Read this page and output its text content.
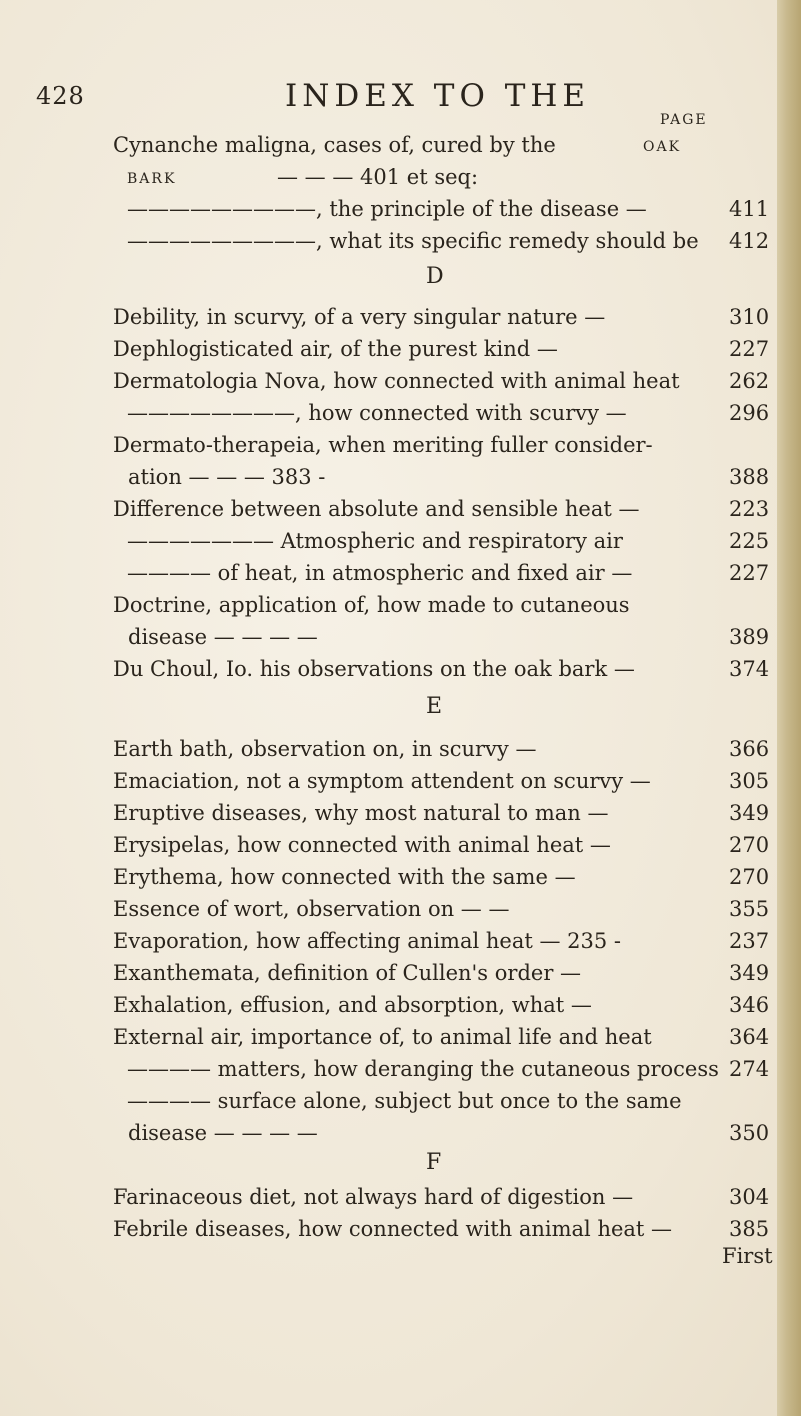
428	INDEX TO THE
PAGE
Cynanche maligna, cases of, cured by the	OAK
BARK	— — — 401 et seq:
—————————, the principle of the disease —	411
—————————, what its specific remedy should be 412
D
Debility, in scurvy, of a very singular nature —	310
Dephlogisticated air, of the purest kind —	227
Dermatologia Nova, how connected with animal heat 262
————————, how connected with scurvy —	296
Dermato-therapeia, when meriting fuller consider-
ation — — — 383 -	388
Difference between absolute and sensible heat —	223
——————— Atmospheric and respiratory air	225
———— of heat, in atmospheric and fixed air —	227
Doctrine, application of, how made to cutaneous
disease — — — —	389
Du Choul, Io. his observations on the oak bark —	374
E
Earth bath, observation on, in scurvy —	366
Emaciation, not a symptom attendent on scurvy —	305
Eruptive diseases, why most natural to man —	349
Erysipelas, how connected with animal heat —	270
Erythema, how connected with the same —	270
Essence of wort, observation on — —	355
Evaporation, how affecting animal heat — 235 -	237
Exanthemata, definition of Cullen's order —	349
Exhalation, effusion, and absorption, what —	346
External air, importance of, to animal life and heat	364
———— matters, how deranging the cutaneous process 274
———— surface alone, subject but once to the same
disease — — — —	350
F
Farinaceous diet, not always hard of digestion —	304
Febrile diseases, how connected with animal heat —	385
First
